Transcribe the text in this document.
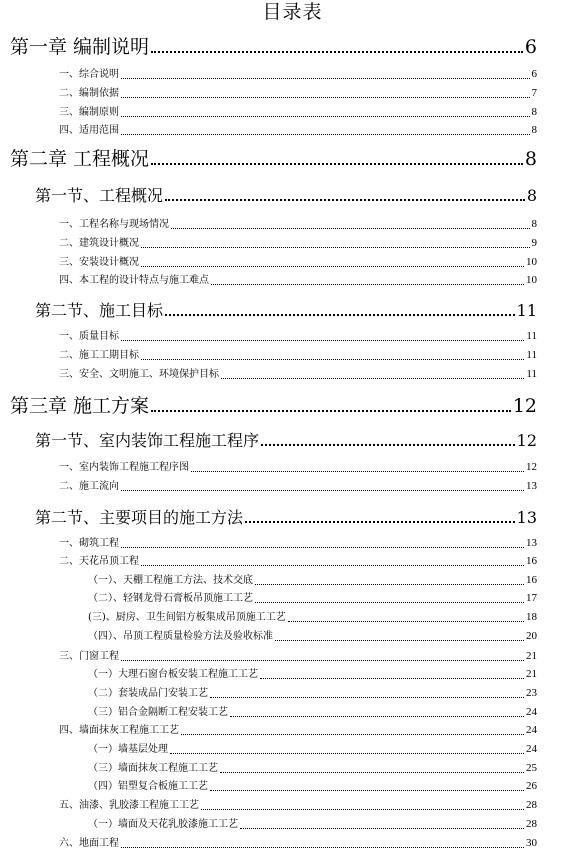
目录表
第一章 编制说明	6
一、综合说明	6
二、编制依据	7
三、编制原则	8
四、适用范围	8
第二章 工程概况	8
第一节、工程概况	8
一、工程名称与现场情况	8
二、建筑设计概况	9
三、安装设计概况	10
四、本工程的设计特点与施工难点	10
第二节、施工目标	11
一、质量目标	11
二、施工工期目标	11
三、安全、文明施工、环境保护目标	11
第三章 施工方案	12
第一节、室内装饰工程施工程序	12
一、室内装饰工程施工程序图	12
二、施工流向	13
第二节、主要项目的施工方法	13
一、砌筑工程	13
二、天花吊顶工程	16
（一）、天棚工程施工方法、技术交底	16
（二）、轻钢龙骨石膏板吊顶施工工艺	17
(三)、厨房、卫生间铝方板集成吊顶施工工艺	18
（四）、吊顶工程质量检验方法及验收标准	20
三、门窗工程	21
（一）大理石窗台板安装工程施工工艺	21
（二）套装成品门安装工艺	23
（三）铝合金隔断工程安装工艺	24
四、墙面抹灰工程施工工艺	24
（一）墙基层处理	24
（三）墙面抹灰工程施工工艺	25
（四）铝塑复合板施工工艺	26
五、油漆、乳胶漆工程施工工艺	28
（一）墙面及天花乳胶漆施工工艺	28
六、地面工程	30
